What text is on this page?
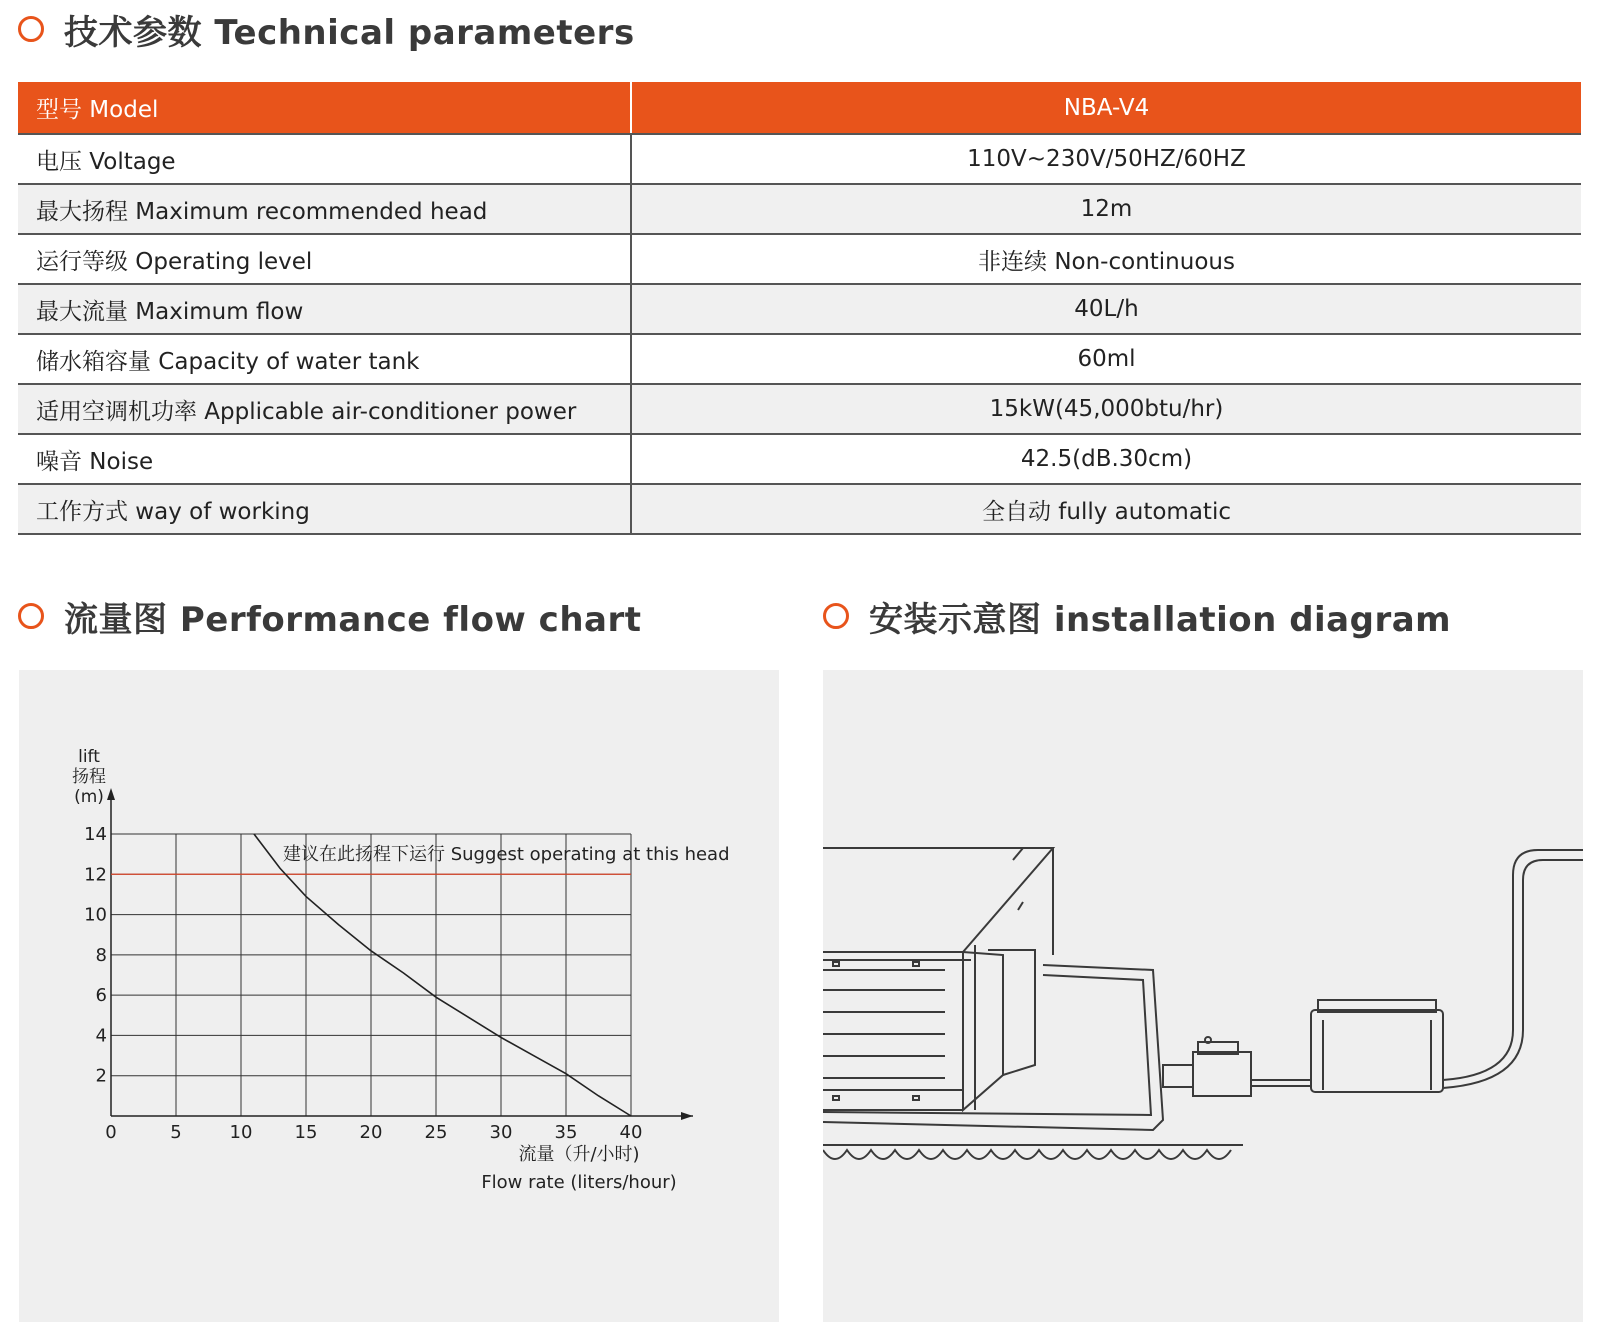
技术参数 Technical parameters
型号 Model	NBA-V4
电压 Voltage	110V~230V/50HZ/60HZ
最大扬程 Maximum recommended head	12m
运行等级 Operating level	非连续 Non-continuous
最大流量 Maximum flow	40L/h
储水箱容量 Capacity of water tank	60ml
适用空调机功率 Applicable air-conditioner power	15kW(45,000btu/hr)
噪音 Noise	42.5(dB.30cm)
工作方式 way of working	全自动 fully automatic
流量图 Performance flow chart	安装示意图 installation diagram
建议在此扬程下运行 Suggest operating at this head
0	5	10 15 20 25 30 35 40
2
4
6
8
10
12
14
lift
扬程
(m)
流量（升/小时)
Flow rate (liters/hour)
